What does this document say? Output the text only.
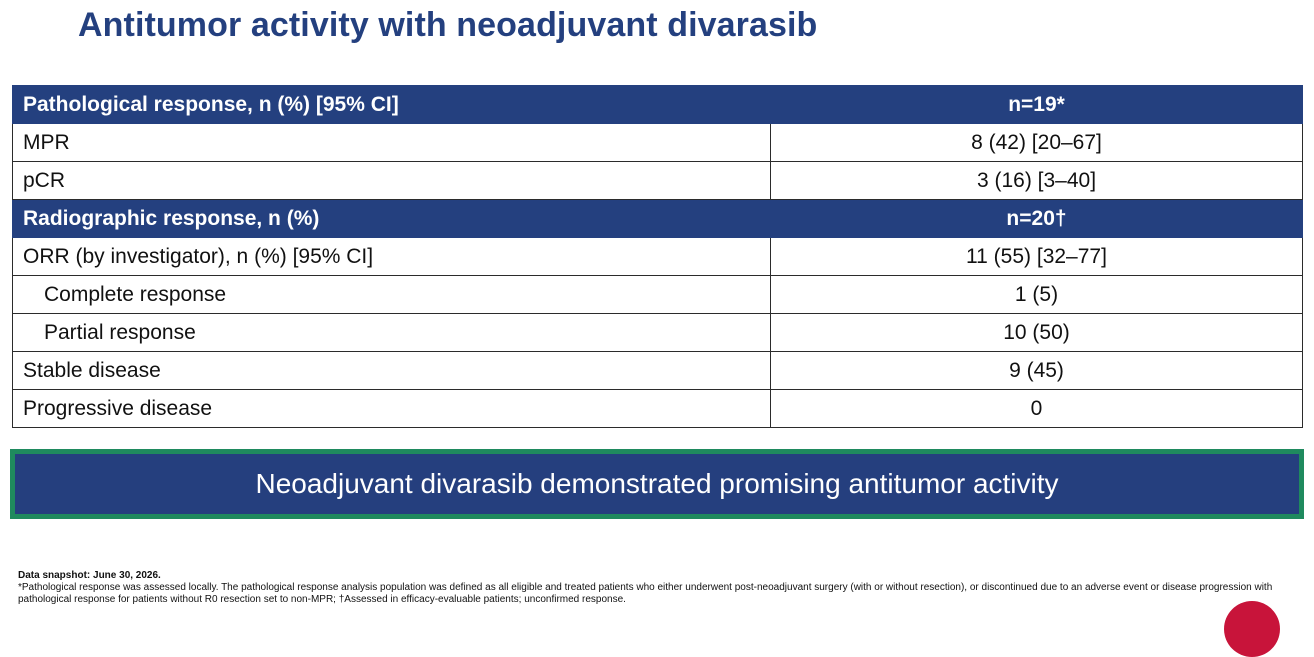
Antitumor activity with neoadjuvant divarasib
Pathological response, n (%) [95% CI]	n=19*
MPR	8 (42) [20–67]
pCR	3 (16) [3–40]
Radiographic response, n (%)	n=20†
ORR (by investigator), n (%) [95% CI]	11 (55) [32–77]
Complete response	1 (5)
Partial response	10 (50)
Stable disease	9 (45)
Progressive disease	0
Neoadjuvant divarasib demonstrated promising antitumor activity
Data snapshot: June 30, 2026.
*Pathological response was assessed locally. The pathological response analysis population was defined as all eligible and treated patients who either underwent post-neoadjuvant surgery (with or without resection), or discontinued due to an adverse event or disease progression with pathological response for patients without R0 resection set to non-MPR; †Assessed in efficacy-evaluable patients; unconfirmed response.
